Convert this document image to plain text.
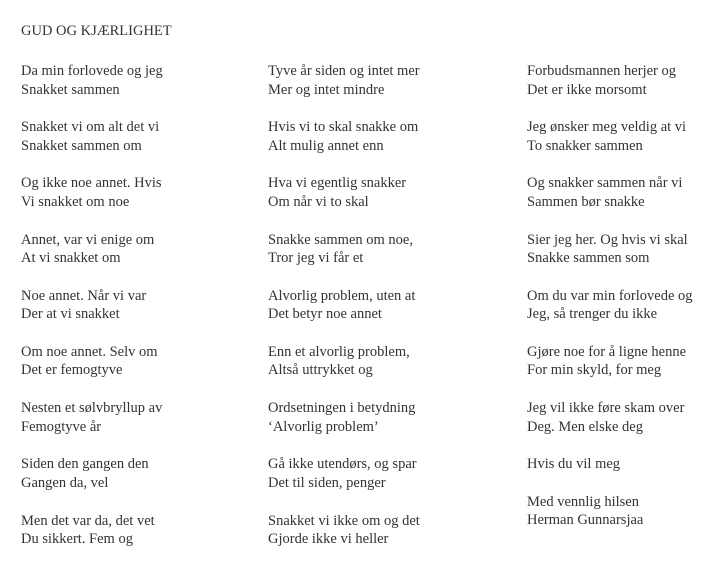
GUD OG KJÆRLIGHET
Da min forlovede og jeg
Snakket sammen
Snakket vi om alt det vi
Snakket sammen om
Og ikke noe annet. Hvis
Vi snakket om noe
Annet, var vi enige om
At vi snakket om
Noe annet. Når vi var
Der at vi snakket
Om noe annet. Selv om
Det er femogtyve
Nesten et sølvbryllup av
Femogtyve år
Siden den gangen den
Gangen da, vel
Men det var da, det vet
Du sikkert. Fem og
Tyve år siden og intet mer
Mer og intet mindre
Hvis vi to skal snakke om
Alt mulig annet enn
Hva vi egentlig snakker
Om når vi to skal
Snakke sammen om noe,
Tror jeg vi får et
Alvorlig problem, uten at
Det betyr noe annet
Enn et alvorlig problem,
Altså uttrykket og
Ordsetningen i betydning
‘Alvorlig problem’
Gå ikke utendørs, og spar
Det til siden, penger
Snakket vi ikke om og det
Gjorde ikke vi heller
Forbudsmannen herjer og
Det er ikke morsomt
Jeg ønsker meg veldig at vi
To snakker sammen
Og snakker sammen når vi
Sammen bør snakke
Sier jeg her. Og hvis vi skal
Snakke sammen som
Om du var min forlovede og
Jeg, så trenger du ikke
Gjøre noe for å ligne henne
For min skyld, for meg
Jeg vil ikke føre skam over
Deg. Men elske deg
Hvis du vil meg
Med vennlig hilsen
Herman Gunnarsjaa
